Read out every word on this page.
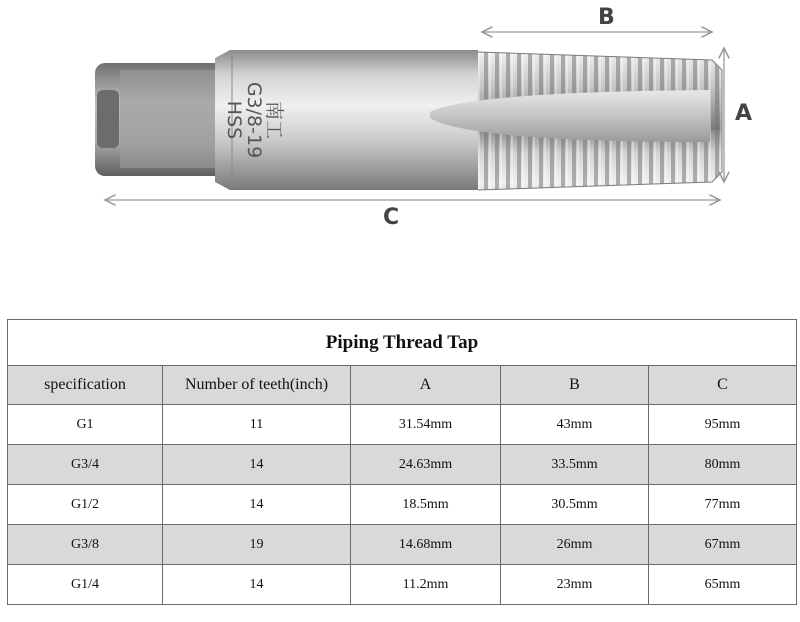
南工
G3/8-19
HSS
B
A
C
Piping Thread Tap				
specification	Number of teeth(inch)	A	B	C
G1	11	31.54mm	43mm	95mm
G3/4	14	24.63mm	33.5mm	80mm
G1/2	14	18.5mm	30.5mm	77mm
G3/8	19	14.68mm	26mm	67mm
G1/4	14	11.2mm	23mm	65mm
